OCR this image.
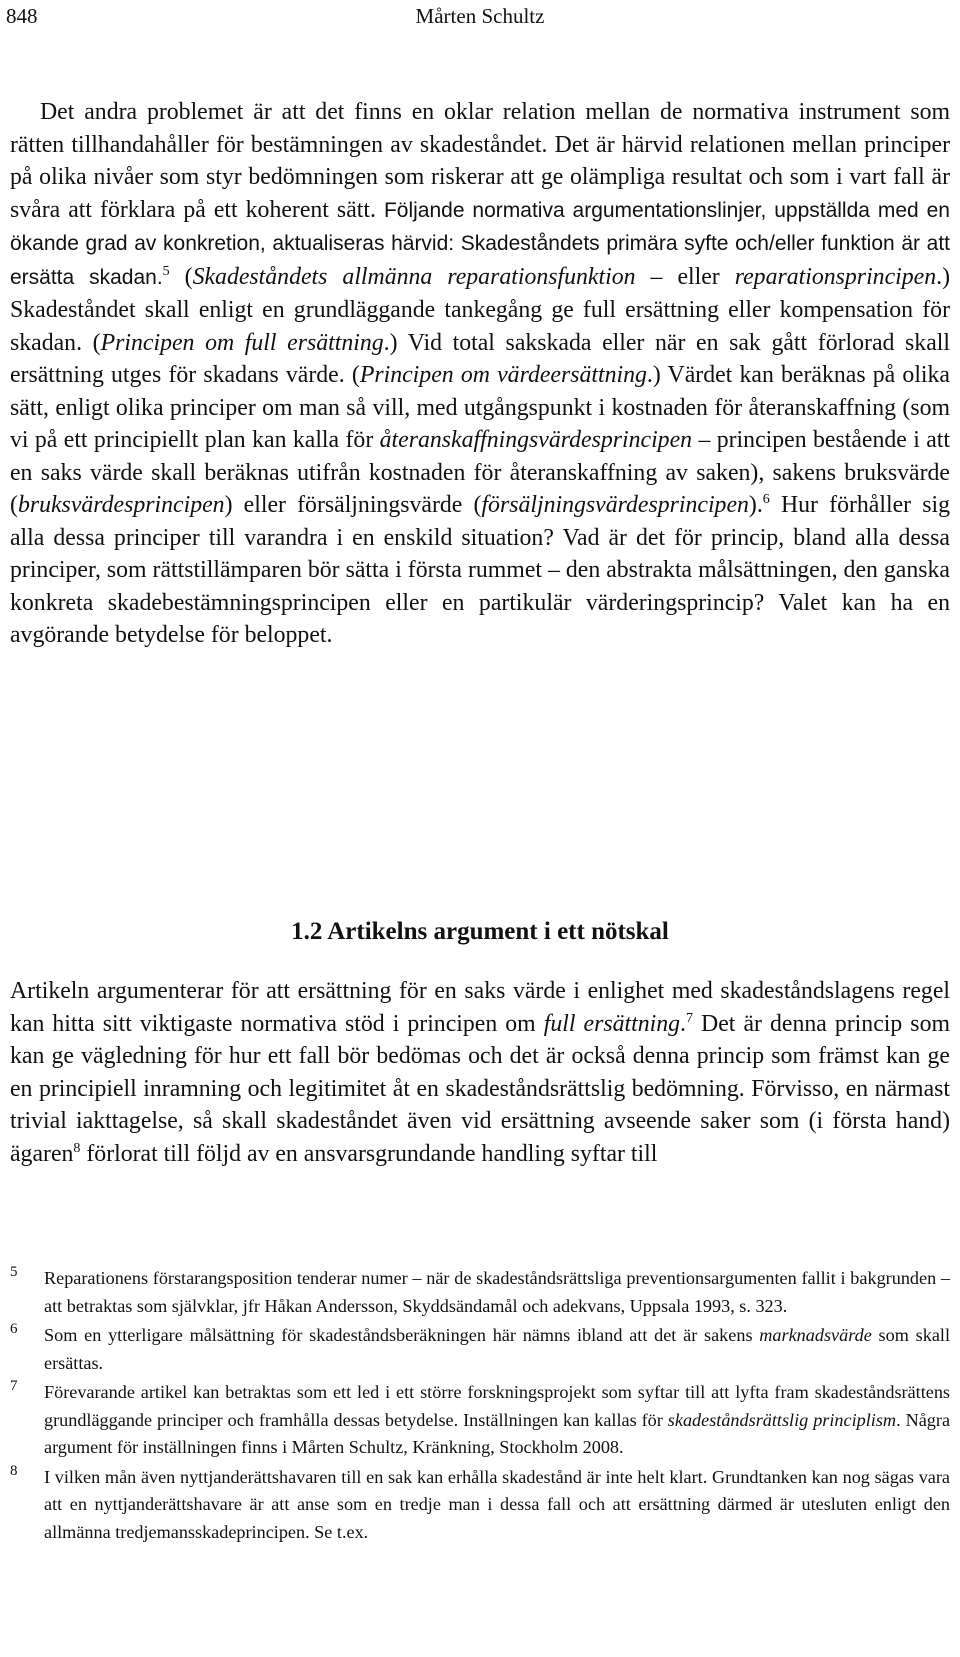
848	Mårten Schultz

Det andra problemet är att det finns en oklar relation mellan de normativa instrument som rätten tillhandahåller för bestämningen av skadeståndet. Det är härvid relationen mellan principer på olika nivåer som styr bedömningen som riskerar att ge olämpliga resultat och som i vart fall är svåra att förklara på ett koherent sätt. Följande normativa argumentationslinjer, uppställda med en ökande grad av konkretion, aktualiseras härvid: Skadeståndets primära syfte och/eller funktion är att ersätta skadan.$^5$ (Skadeståndets allmänna reparationsfunktion – eller reparationsprincipen.) Skadeståndet skall enligt en grundläggande tankegång ge full ersättning eller kompensation för skadan. (Principen om full ersättning.) Vid total sakskada eller när en sak gått förlorad skall ersättning utges för skadans värde. (Principen om värdeersättning.) Värdet kan beräknas på olika sätt, enligt olika principer om man så vill, med utgångspunkt i kostnaden för återanskaffning (som vi på ett principiellt plan kan kalla för återanskaffningsvärdesprincipen – principen bestående i att en saks värde skall beräknas utifrån kostnaden för återanskaffning av saken), sakens bruksvärde (bruksvärdesprincipen) eller försäljningsvärde (försäljningsvärdesprincipen).$^6$ Hur förhåller sig alla dessa principer till varandra i en enskild situation? Vad är det för princip, bland alla dessa principer, som rättstillämparen bör sätta i första rummet – den abstrakta målsättningen, den ganska konkreta skadebestämningsprincipen eller en partikulär värderingsprincip? Valet kan ha en avgörande betydelse för beloppet.

1.2 Artikelns argument i ett nötskal

Artikeln argumenterar för att ersättning för en saks värde i enlighet med skadeståndslagens regel kan hitta sitt viktigaste normativa stöd i principen om full ersättning.$^7$ Det är denna princip som kan ge vägledning för hur ett fall bör bedömas och det är också denna princip som främst kan ge en principiell inramning och legitimitet åt en skadeståndsrättslig bedömning. Förvisso, en närmast trivial iakttagelse, så skall skadeståndet även vid ersättning avseende saker som (i första hand) ägaren$^8$ förlorat till följd av en ansvarsgrundande handling syftar till

5 Reparationens förstarangsposition tenderar numer – när de skadeståndsrättsliga preventionsargumenten fallit i bakgrunden – att betraktas som självklar, jfr Håkan Andersson, Skyddsändamål och adekvans, Uppsala 1993, s. 323.
6 Som en ytterligare målsättning för skadeståndsberäkningen här nämns ibland att det är sakens marknadsvärde som skall ersättas.
7 Förevarande artikel kan betraktas som ett led i ett större forskningsprojekt som syftar till att lyfta fram skadeståndsrättens grundläggande principer och framhålla dessas betydelse. Inställningen kan kallas för skadeståndsrättslig principlism. Några argument för inställningen finns i Mårten Schultz, Kränkning, Stockholm 2008.
8 I vilken mån även nyttjanderättshavaren till en sak kan erhålla skadestånd är inte helt klart. Grundtanken kan nog sägas vara att en nyttjanderättshavare är att anse som en tredje man i dessa fall och att ersättning därmed är utesluten enligt den allmänna tredjemansskadeprincipen. Se t.ex.
